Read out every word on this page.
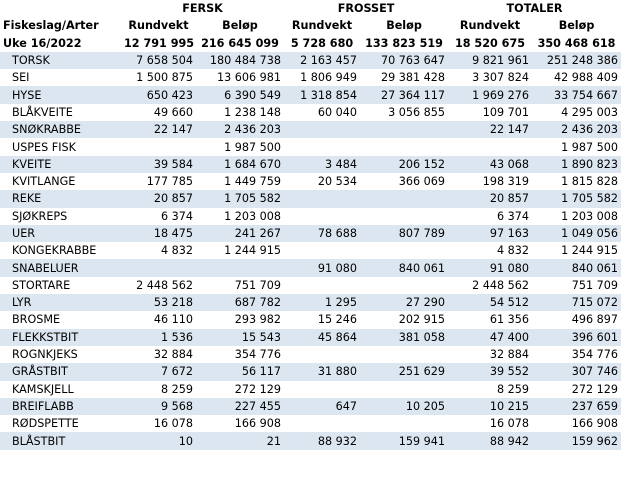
	FERSK		FROSSET		TOTALER	
Fiskeslag/Arter	Rundvekt	Beløp	Rundvekt	Beløp	Rundvekt	Beløp
Uke 16/2022	12 791 995	216 645 099	5 728 680	133 823 519	18 520 675	350 468 618
TORSK	7 658 504	180 484 738	2 163 457	70 763 647	9 821 961	251 248 386
SEI	1 500 875	13 606 981	1 806 949	29 381 428	3 307 824	42 988 409
HYSE	650 423	6 390 549	1 318 854	27 364 117	1 969 276	33 754 667
BLÅKVEITE	49 660	1 238 148	60 040	3 056 855	109 701	4 295 003
SNØKRABBE	22 147	2 436 203			22 147	2 436 203
USPES FISK		1 987 500				1 987 500
KVEITE	39 584	1 684 670	3 484	206 152	43 068	1 890 823
KVITLANGE	177 785	1 449 759	20 534	366 069	198 319	1 815 828
REKE	20 857	1 705 582			20 857	1 705 582
SJØKREPS	6 374	1 203 008			6 374	1 203 008
UER	18 475	241 267	78 688	807 789	97 163	1 049 056
KONGEKRABBE	4 832	1 244 915			4 832	1 244 915
SNABELUER			91 080	840 061	91 080	840 061
STORTARE	2 448 562	751 709			2 448 562	751 709
LYR	53 218	687 782	1 295	27 290	54 512	715 072
BROSME	46 110	293 982	15 246	202 915	61 356	496 897
FLEKKSTBIT	1 536	15 543	45 864	381 058	47 400	396 601
ROGNKJEKS	32 884	354 776			32 884	354 776
GRÅSTBIT	7 672	56 117	31 880	251 629	39 552	307 746
KAMSKJELL	8 259	272 129			8 259	272 129
BREIFLABB	9 568	227 455	647	10 205	10 215	237 659
RØDSPETTE	16 078	166 908			16 078	166 908
BLÅSTBIT	10	21	88 932	159 941	88 942	159 962
